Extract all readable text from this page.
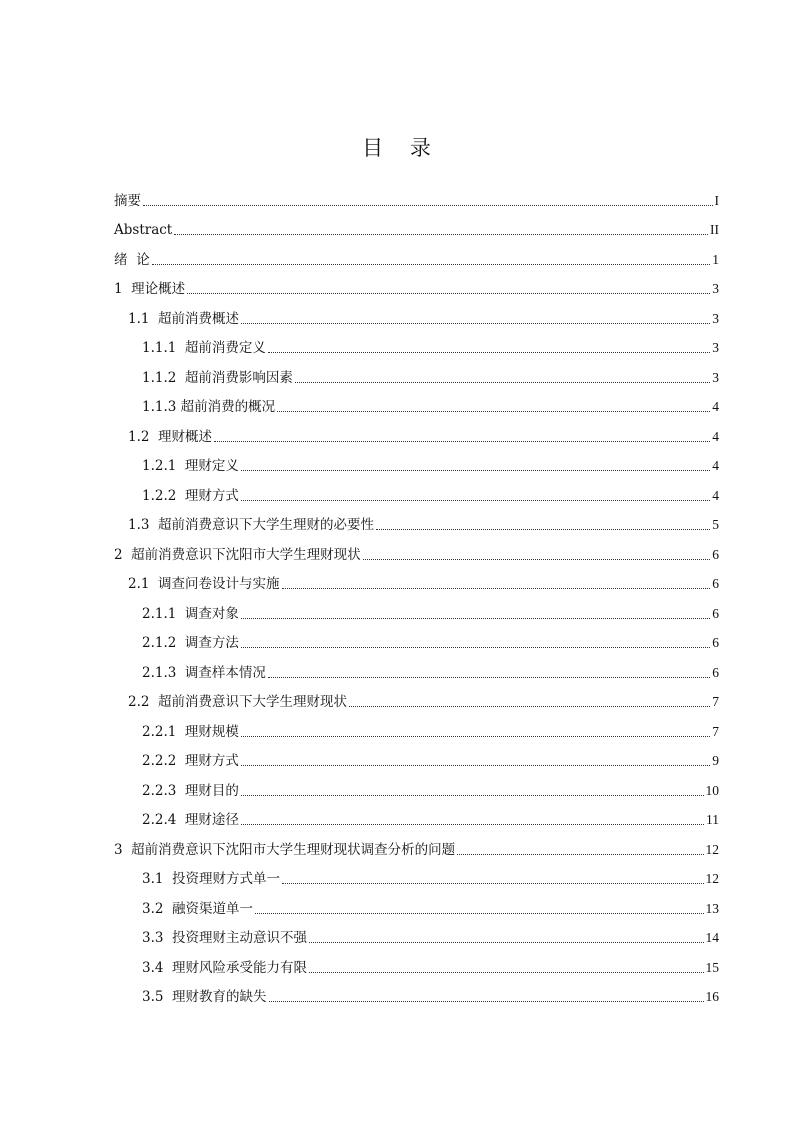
目 录
摘要	I
Abstract	II
绪  论	1
1  理论概述	3
1.1  超前消费概述	3
1.1.1  超前消费定义	3
1.1.2  超前消费影响因素	3
1.1.3 超前消费的概况	4
1.2  理财概述	4
1.2.1  理财定义	4
1.2.2  理财方式	4
1.3  超前消费意识下大学生理财的必要性	5
2  超前消费意识下沈阳市大学生理财现状	6
2.1  调查问卷设计与实施	6
2.1.1  调查对象	6
2.1.2  调查方法	6
2.1.3  调查样本情况	6
2.2  超前消费意识下大学生理财现状	7
2.2.1  理财规模	7
2.2.2  理财方式	9
2.2.3  理财目的	10
2.2.4  理财途径	11
3  超前消费意识下沈阳市大学生理财现状调查分析的问题	12
3.1  投资理财方式单一	12
3.2  融资渠道单一	13
3.3  投资理财主动意识不强	14
3.4  理财风险承受能力有限	15
3.5  理财教育的缺失	16
